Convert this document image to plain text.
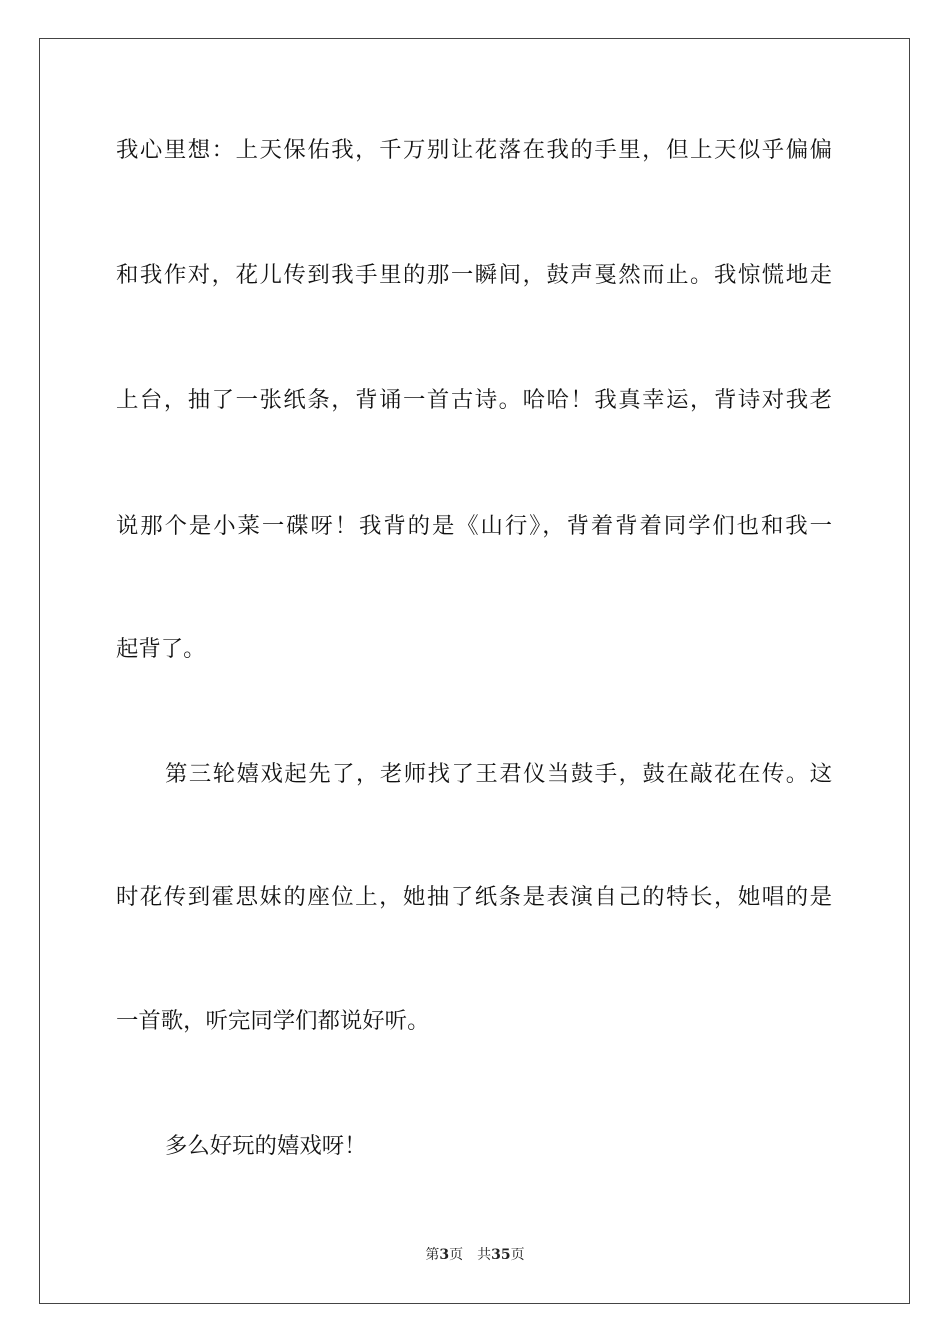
我心里想：上天保佑我，千万别让花落在我的手里，但上天似乎偏偏
和我作对，花儿传到我手里的那一瞬间，鼓声戛然而止。我惊慌地走
上台，抽了一张纸条，背诵一首古诗。哈哈！我真幸运，背诗对我老
说那个是小菜一碟呀！我背的是《山行》，背着背着同学们也和我一
起背了。
第三轮嬉戏起先了，老师找了王君仪当鼓手，鼓在敲花在传。这
时花传到霍思妺的座位上，她抽了纸条是表演自己的特长，她唱的是
一首歌，听完同学们都说好听。
多么好玩的嬉戏呀！
第3页 共35页
